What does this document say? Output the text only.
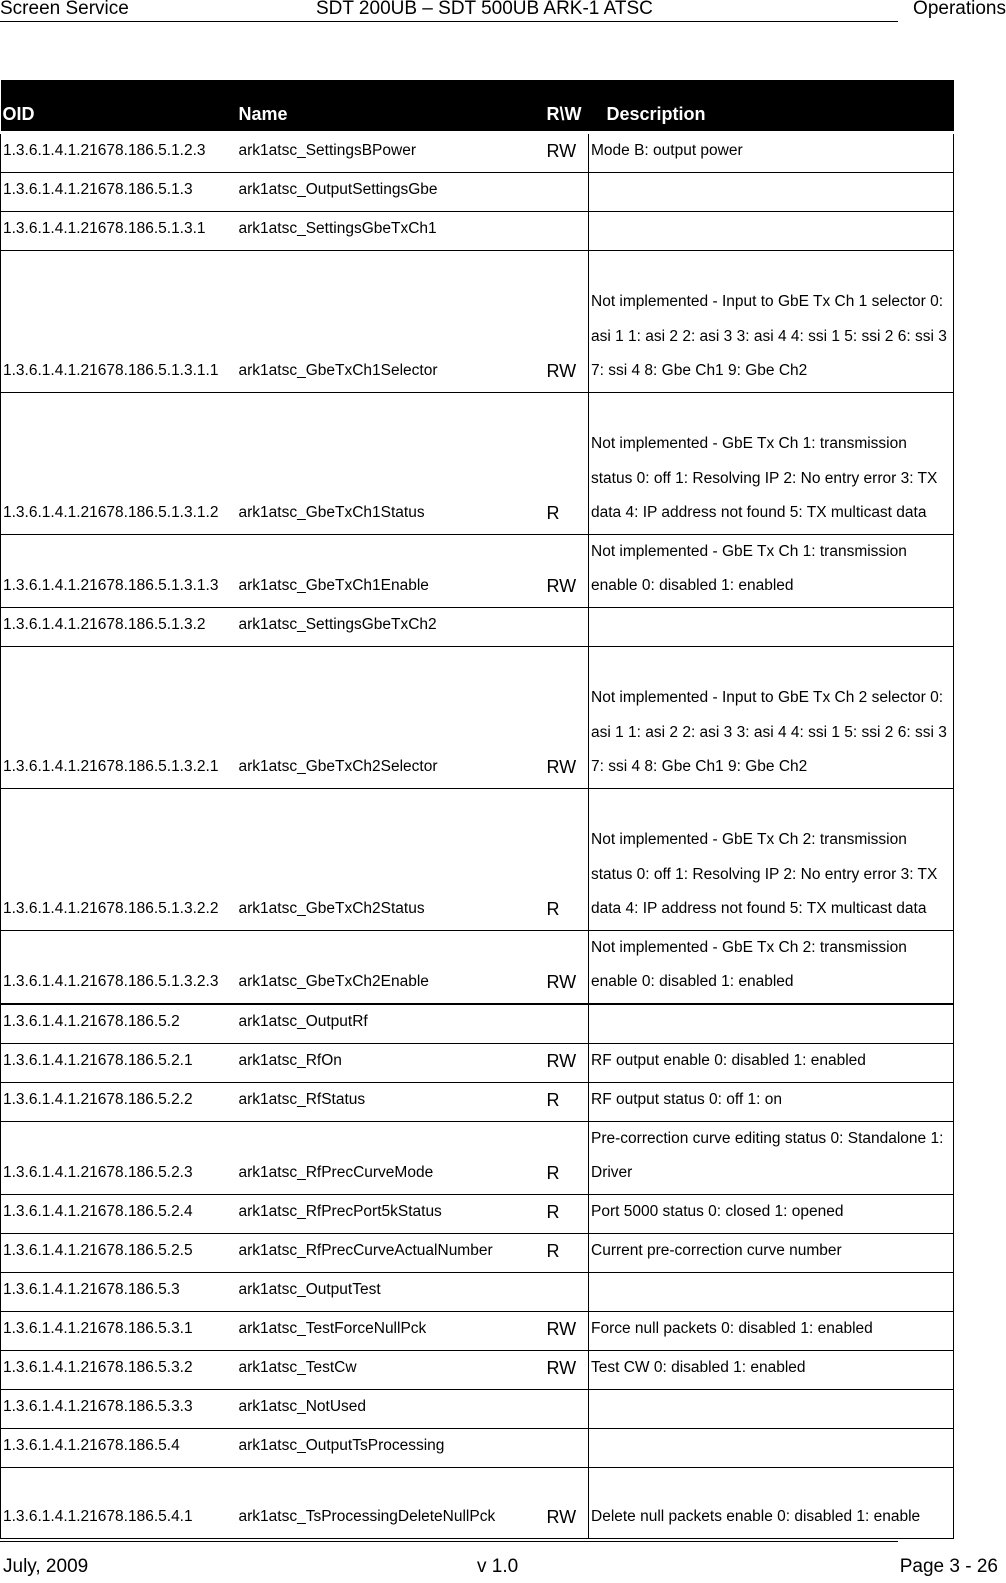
Screen Service	SDT 200UB – SDT 500UB ARK-1 ATSC	Operations
OID	Name	R\W	Description
1.3.6.1.4.1.21678.186.5.1.2.3	ark1atsc_SettingsBPower	RW	Mode B: output power
1.3.6.1.4.1.21678.186.5.1.3	ark1atsc_OutputSettingsGbe		
1.3.6.1.4.1.21678.186.5.1.3.1	ark1atsc_SettingsGbeTxCh1		
1.3.6.1.4.1.21678.186.5.1.3.1.1	ark1atsc_GbeTxCh1Selector	RW	Not implemented - Input to GbE Tx Ch 1 selector 0: asi 1 1: asi 2 2: asi 3 3: asi 4 4: ssi 1 5: ssi 2 6: ssi 3 7: ssi 4 8: Gbe Ch1 9: Gbe Ch2
1.3.6.1.4.1.21678.186.5.1.3.1.2	ark1atsc_GbeTxCh1Status	R	Not implemented - GbE Tx Ch 1: transmission status 0: off 1: Resolving IP 2: No entry error 3: TX data 4: IP address not found 5: TX multicast data
1.3.6.1.4.1.21678.186.5.1.3.1.3	ark1atsc_GbeTxCh1Enable	RW	Not implemented - GbE Tx Ch 1: transmission enable 0: disabled 1: enabled
1.3.6.1.4.1.21678.186.5.1.3.2	ark1atsc_SettingsGbeTxCh2		
1.3.6.1.4.1.21678.186.5.1.3.2.1	ark1atsc_GbeTxCh2Selector	RW	Not implemented - Input to GbE Tx Ch 2 selector 0: asi 1 1: asi 2 2: asi 3 3: asi 4 4: ssi 1 5: ssi 2 6: ssi 3 7: ssi 4 8: Gbe Ch1 9: Gbe Ch2
1.3.6.1.4.1.21678.186.5.1.3.2.2	ark1atsc_GbeTxCh2Status	R	Not implemented - GbE Tx Ch 2: transmission status 0: off 1: Resolving IP 2: No entry error 3: TX data 4: IP address not found 5: TX multicast data
1.3.6.1.4.1.21678.186.5.1.3.2.3	ark1atsc_GbeTxCh2Enable	RW	Not implemented - GbE Tx Ch 2: transmission enable 0: disabled 1: enabled
1.3.6.1.4.1.21678.186.5.2	ark1atsc_OutputRf		
1.3.6.1.4.1.21678.186.5.2.1	ark1atsc_RfOn	RW	RF output enable 0: disabled 1: enabled
1.3.6.1.4.1.21678.186.5.2.2	ark1atsc_RfStatus	R	RF output status 0: off 1: on
1.3.6.1.4.1.21678.186.5.2.3	ark1atsc_RfPrecCurveMode	R	Pre-correction curve editing status 0: Standalone 1: Driver
1.3.6.1.4.1.21678.186.5.2.4	ark1atsc_RfPrecPort5kStatus	R	Port 5000 status 0: closed 1: opened
1.3.6.1.4.1.21678.186.5.2.5	ark1atsc_RfPrecCurveActualNumber	R	Current pre-correction curve number
1.3.6.1.4.1.21678.186.5.3	ark1atsc_OutputTest		
1.3.6.1.4.1.21678.186.5.3.1	ark1atsc_TestForceNullPck	RW	Force null packets 0: disabled 1: enabled
1.3.6.1.4.1.21678.186.5.3.2	ark1atsc_TestCw	RW	Test CW 0: disabled 1: enabled
1.3.6.1.4.1.21678.186.5.3.3	ark1atsc_NotUsed		
1.3.6.1.4.1.21678.186.5.4	ark1atsc_OutputTsProcessing		
1.3.6.1.4.1.21678.186.5.4.1	ark1atsc_TsProcessingDeleteNullPck	RW	Delete null packets enable 0: disabled 1: enable
July, 2009	v 1.0	Page 3 - 26
